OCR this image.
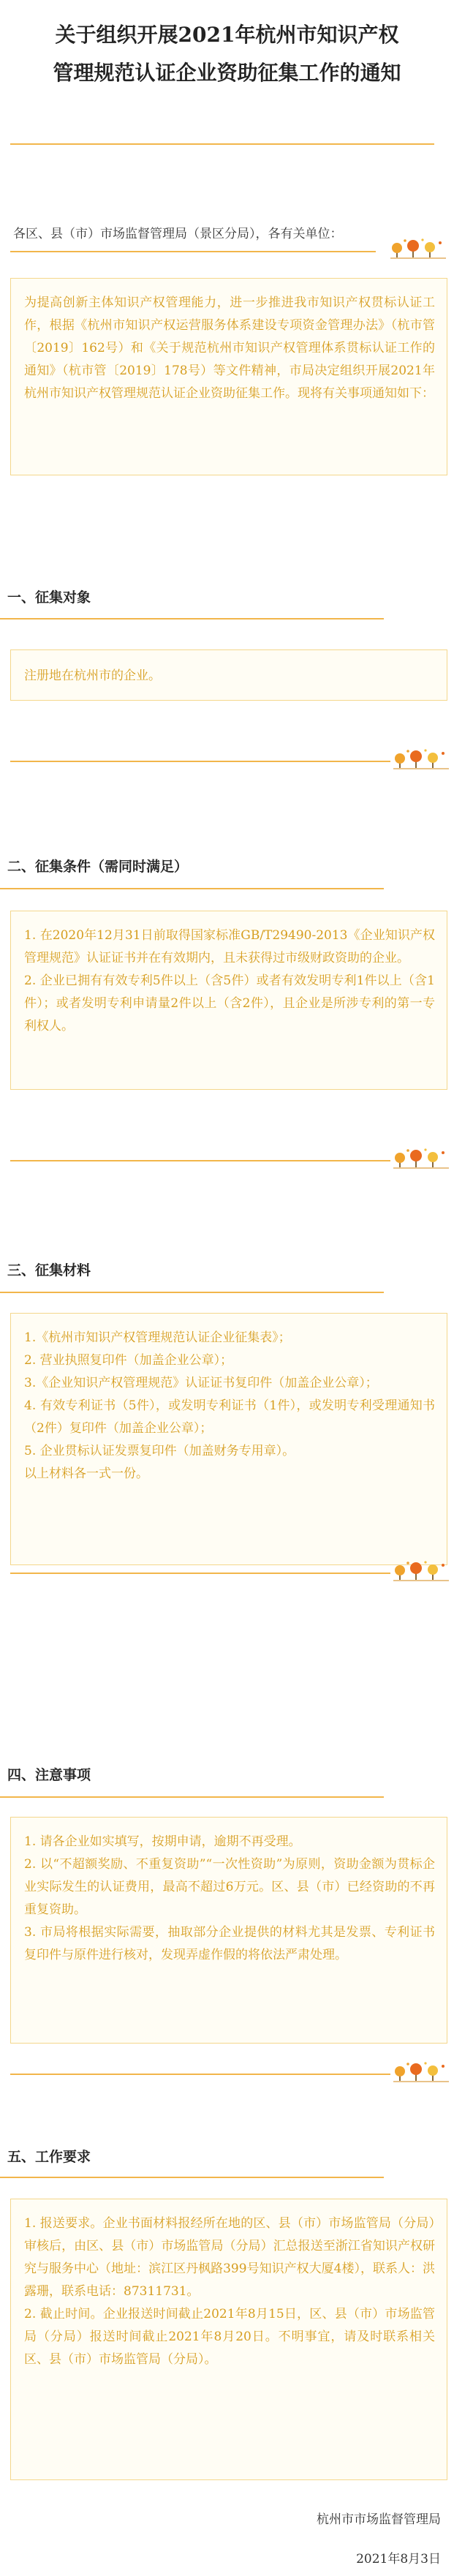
关于组织开展2021年杭州市知识产权
管理规范认证企业资助征集工作的通知
各区、县（市）市场监督管理局（景区分局），各有关单位：

为提高创新主体知识产权管理能力，进一步推进我市知识产权贯标认证工作，根据《杭州市知识产权运营服务体系建设专项资金管理办法》（杭市管〔2019〕162号）和《关于规范杭州市知识产权管理体系贯标认证工作的通知》（杭市管〔2019〕178号）等文件精神，市局决定组织开展2021年杭州市知识产权管理规范认证企业资助征集工作。现将有关事项通知如下：

一、征集对象

注册地在杭州市的企业。

二、征集条件（需同时满足）

1. 在2020年12月31日前取得国家标准GB/T29490-2013《企业知识产权管理规范》认证证书并在有效期内，且未获得过市级财政资助的企业。

2. 企业已拥有有效专利5件以上（含5件）或者有效发明专利1件以上（含1件）；或者发明专利申请量2件以上（含2件），且企业是所涉专利的第一专利权人。

三、征集材料

1.《杭州市知识产权管理规范认证企业征集表》；

2. 营业执照复印件（加盖企业公章）；

3.《企业知识产权管理规范》认证证书复印件（加盖企业公章）；

4. 有效专利证书（5件），或发明专利证书（1件），或发明专利受理通知书（2件）复印件（加盖企业公章）；

5. 企业贯标认证发票复印件（加盖财务专用章）。

以上材料各一式一份。

四、注意事项

1. 请各企业如实填写，按期申请，逾期不再受理。

2. 以“不超额奖励、不重复资助”“一次性资助”为原则，资助金额为贯标企业实际发生的认证费用，最高不超过6万元。区、县（市）已经资助的不再重复资助。

3. 市局将根据实际需要，抽取部分企业提供的材料尤其是发票、专利证书复印件与原件进行核对，发现弄虚作假的将依法严肃处理。

五、工作要求

1. 报送要求。企业书面材料报经所在地的区、县（市）市场监管局（分局）审核后，由区、县（市）市场监管局（分局）汇总报送至浙江省知识产权研究与服务中心（地址：滨江区丹枫路399号知识产权大厦4楼），联系人：洪露珊，联系电话：87311731。

2. 截止时间。企业报送时间截止2021年8月15日，区、县（市）市场监管局（分局）报送时间截止2021年8月20日。不明事宜，请及时联系相关区、县（市）市场监管局（分局）。

杭州市市场监督管理局
2021年8月3日
